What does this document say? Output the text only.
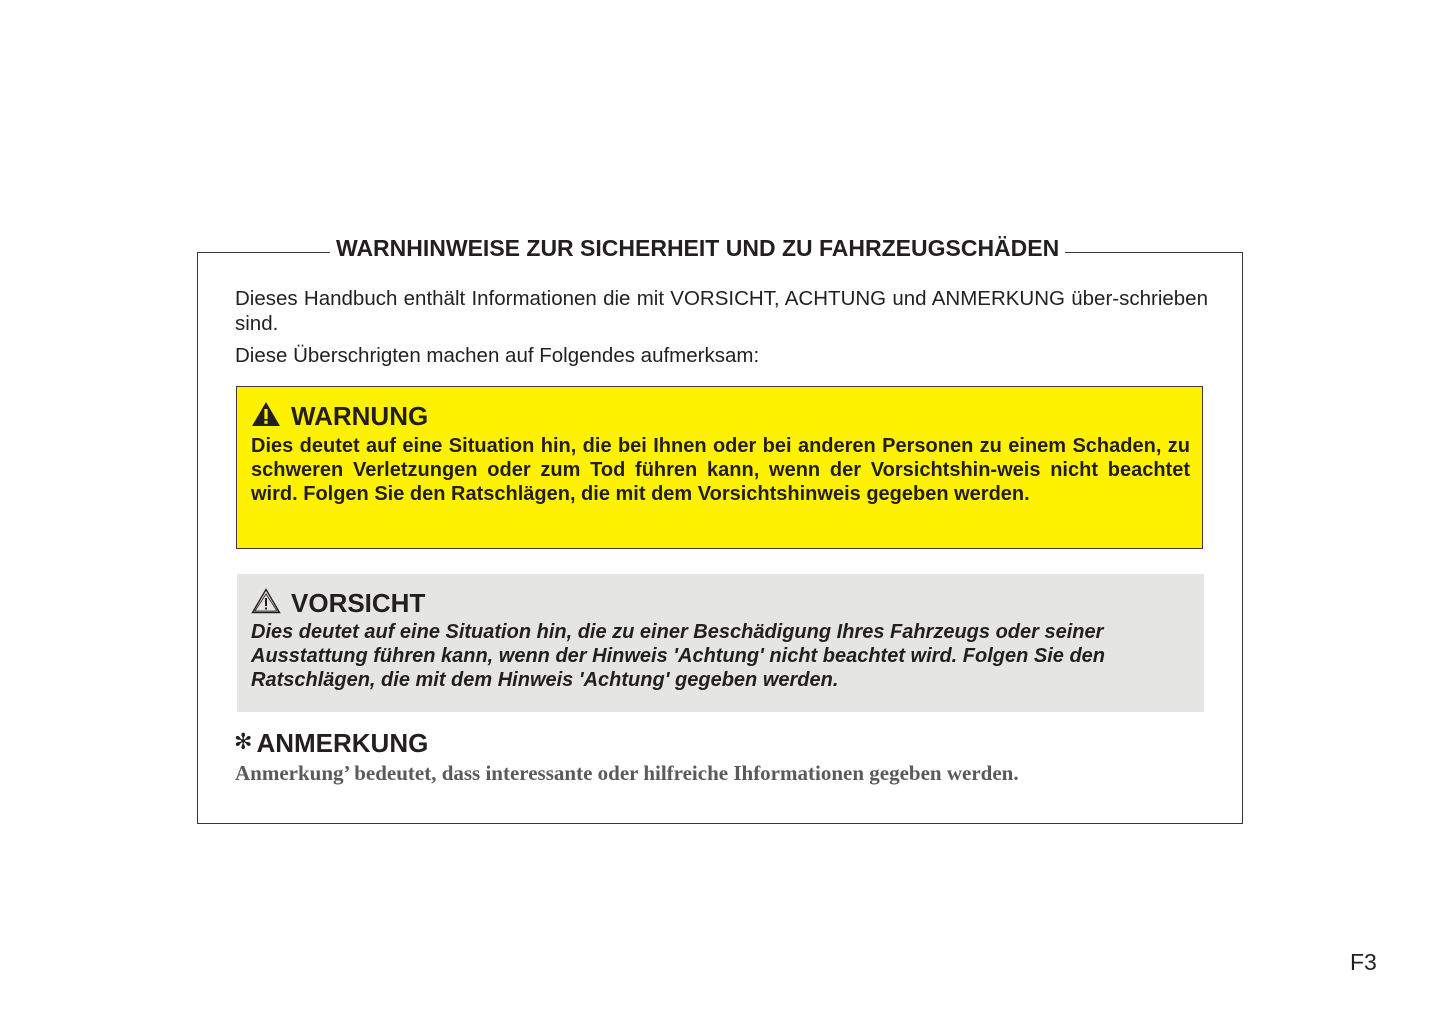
WARNHINWEISE ZUR SICHERHEIT UND ZU FAHRZEUGSCHÄDEN
Dieses Handbuch enthält Informationen die mit VORSICHT, ACHTUNG und ANMERKUNG über-schrieben sind.
Diese Überschrigten machen auf Folgendes aufmerksam:
WARNUNG
Dies deutet auf eine Situation hin, die bei Ihnen oder bei anderen Personen zu einem Schaden, zu schweren Verletzungen oder zum Tod führen kann, wenn der Vorsichtshin-weis nicht beachtet wird. Folgen Sie den Ratschlägen, die mit dem Vorsichtshinweis gegeben werden.
VORSICHT
Dies deutet auf eine Situation hin, die zu einer Beschädigung Ihres Fahrzeugs oder seiner Ausstattung führen kann, wenn der Hinweis 'Achtung' nicht beachtet wird. Folgen Sie den Ratschlägen, die mit dem Hinweis 'Achtung' gegeben werden.
✻ ANMERKUNG
Anmerkung’ bedeutet, dass interessante oder hilfreiche Ihformationen gegeben werden.
F3
